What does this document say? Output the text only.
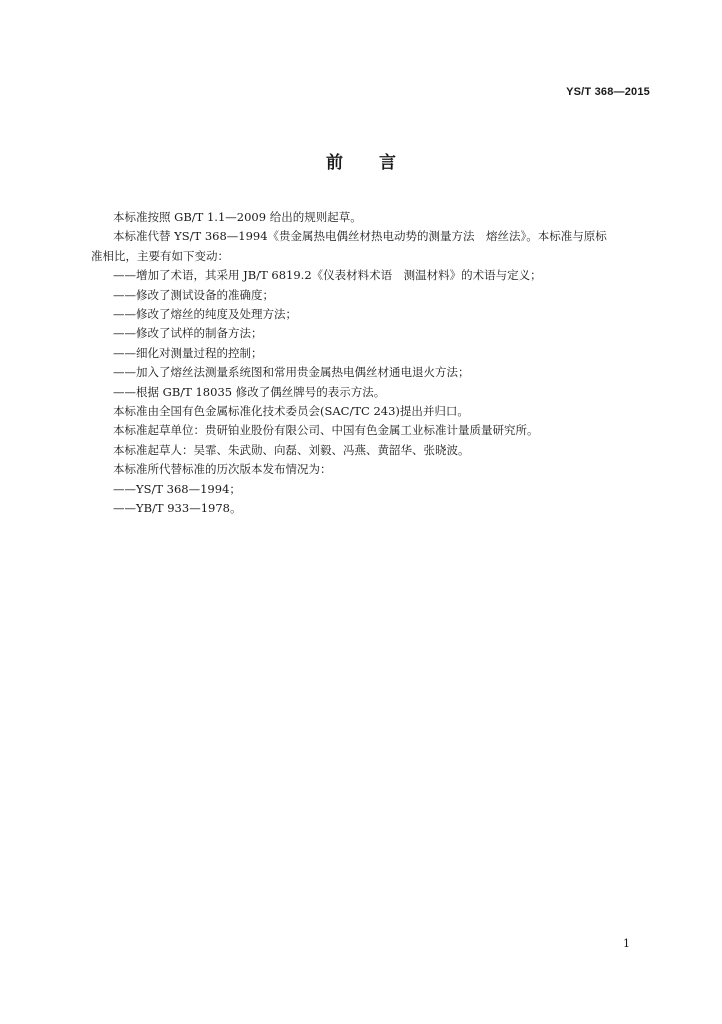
YS/T 368—2015
前言

本标准按照 GB/T 1.1—2009 给出的规则起草。

本标准代替 YS/T 368—1994《贵金属热电偶丝材热电动势的测量方法　熔丝法》。本标准与原标

准相比，主要有如下变动：

——增加了术语，其采用 JB/T 6819.2《仪表材料术语　测温材料》的术语与定义；

——修改了测试设备的准确度；

——修改了熔丝的纯度及处理方法；

——修改了试样的制备方法；

——细化对测量过程的控制；

——加入了熔丝法测量系统图和常用贵金属热电偶丝材通电退火方法；

——根据 GB/T 18035 修改了偶丝牌号的表示方法。

本标准由全国有色金属标准化技术委员会(SAC/TC 243)提出并归口。

本标准起草单位：贵研铂业股份有限公司、中国有色金属工业标准计量质量研究所。

本标准起草人：吴霏、朱武勋、向磊、刘毅、冯燕、黄韶华、张晓波。

本标准所代替标准的历次版本发布情况为：

——YS/T 368—1994；

——YB/T 933—1978。

1
